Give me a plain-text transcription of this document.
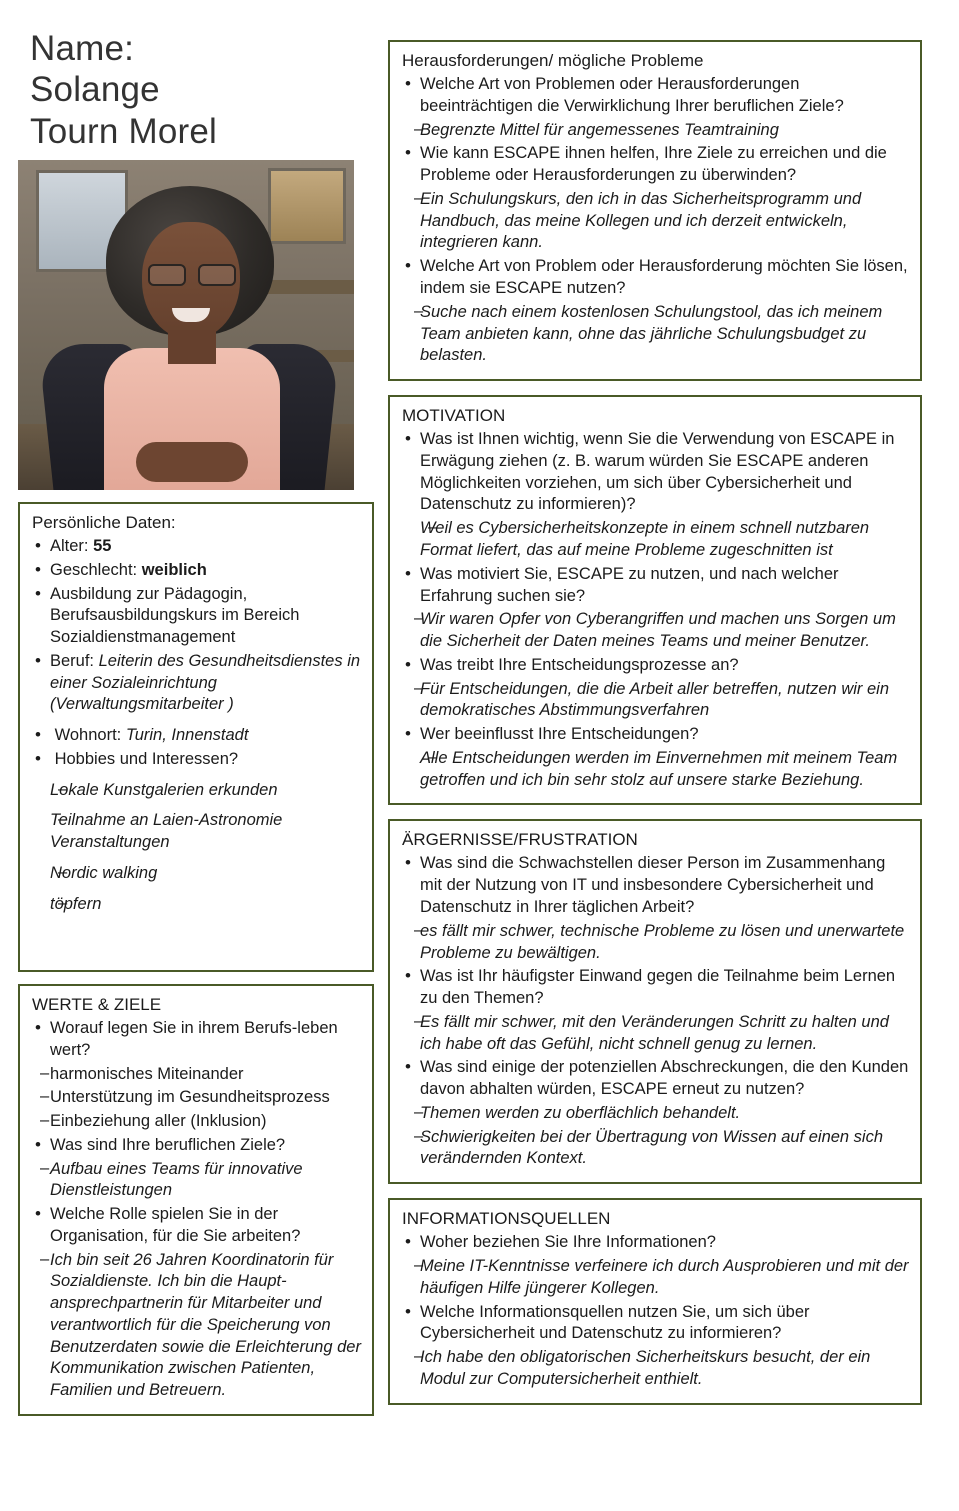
Name:
Solange
Tourn Morel
Persönliche Daten:
• Alter: 55
• Geschlecht: weiblich
• Ausbildung zur Pädagogin, Berufsausbildungskurs im Bereich Sozialdienstmanagement
• Beruf: Leiterin des Gesundheitsdienstes in einer Sozialeinrichtung (Verwaltungsmitarbeiter )
• Wohnort: Turin, Innenstadt
• Hobbies und Interessen?
– Lokale Kunstgalerien erkunden
– Teilnahme an Laien-Astronomie Veranstaltungen
– Nordic walking
– töpfern
WERTE & ZIELE
• Worauf legen Sie in ihrem Berufs-leben wert?
– harmonisches Miteinander
– Unterstützung im Gesundheitsprozess
– Einbeziehung aller (Inklusion)
• Was sind Ihre beruflichen Ziele?
– Aufbau eines Teams für innovative Dienstleistungen
• Welche Rolle spielen Sie in der Organisation, für die Sie arbeiten?
– Ich bin seit 26 Jahren Koordinatorin für Sozialdienste. Ich bin die Haupt-ansprechpartnerin für Mitarbeiter und verantwortlich für die Speicherung von Benutzerdaten sowie die Erleichterung der Kommunikation zwischen Patienten, Familien und Betreuern.
Herausforderungen/ mögliche Probleme
• Welche Art von Problemen oder Herausforderungen beeinträchtigen die Verwirklichung Ihrer beruflichen Ziele?
– Begrenzte Mittel für angemessenes Teamtraining
• Wie kann ESCAPE ihnen helfen, Ihre Ziele zu erreichen und die Probleme oder Herausforderungen zu überwinden?
– Ein Schulungskurs, den ich in das Sicherheitsprogramm und Handbuch, das meine Kollegen und ich derzeit entwickeln, integrieren kann.
• Welche Art von Problem oder Herausforderung möchten Sie lösen, indem sie ESCAPE nutzen?
– Suche nach einem kostenlosen Schulungstool, das ich meinem Team anbieten kann, ohne das jährliche Schulungsbudget zu belasten.
MOTIVATION
• Was ist Ihnen wichtig, wenn Sie die Verwendung von ESCAPE in Erwägung ziehen (z. B. warum würden Sie ESCAPE anderen Möglichkeiten vorziehen, um sich über Cybersicherheit und Datenschutz zu informieren)?
– Weil es Cybersicherheitskonzepte in einem schnell nutzbaren Format liefert, das auf meine Probleme zugeschnitten ist
• Was motiviert Sie, ESCAPE zu nutzen, und nach welcher Erfahrung suchen sie?
– Wir waren Opfer von Cyberangriffen und machen uns Sorgen um die Sicherheit der Daten meines Teams und meiner Benutzer.
• Was treibt Ihre Entscheidungsprozesse an?
– Für Entscheidungen, die die Arbeit aller betreffen, nutzen wir ein demokratisches Abstimmungsverfahren
• Wer beeinflusst Ihre Entscheidungen?
– Alle Entscheidungen werden im Einvernehmen mit meinem Team getroffen und ich bin sehr stolz auf unsere starke Beziehung.
ÄRGERNISSE/FRUSTRATION
• Was sind die Schwachstellen dieser Person im Zusammenhang mit der Nutzung von IT und insbesondere Cybersicherheit und Datenschutz in Ihrer täglichen Arbeit?
– es fällt mir schwer, technische Probleme zu lösen und unerwartete Probleme zu bewältigen.
• Was ist Ihr häufigster Einwand gegen die Teilnahme beim Lernen zu den Themen?
– Es fällt mir schwer, mit den Veränderungen Schritt zu halten und ich habe oft das Gefühl, nicht schnell genug zu lernen.
• Was sind einige der potenziellen Abschreckungen, die den Kunden davon abhalten würden, ESCAPE erneut zu nutzen?
– Themen werden zu oberflächlich behandelt.
– Schwierigkeiten bei der Übertragung von Wissen auf einen sich verändernden Kontext.
INFORMATIONSQUELLEN
• Woher beziehen Sie Ihre Informationen?
– Meine IT-Kenntnisse verfeinere ich durch Ausprobieren und mit der häufigen Hilfe jüngerer Kollegen.
• Welche Informationsquellen nutzen Sie, um sich über Cybersicherheit und Datenschutz zu informieren?
– Ich habe den obligatorischen Sicherheitskurs besucht, der ein Modul zur Computersicherheit enthielt.
